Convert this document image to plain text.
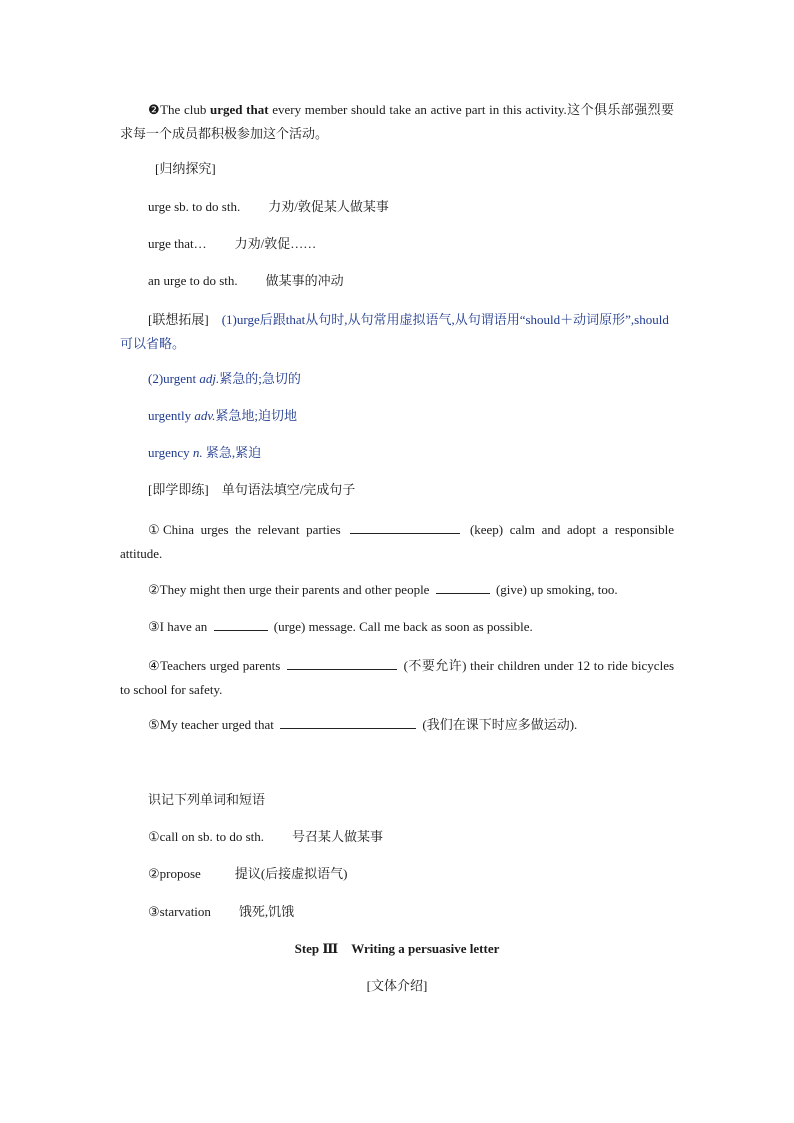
❷The club urged that every member should take an active part in this activity.这个俱乐部强烈要求每一个成员都积极参加这个活动。
[归纳探究]
urge sb. to do sth. 力劝/敦促某人做某事
urge that… 力劝/敦促……
an urge to do sth. 做某事的冲动
[联想拓展]　 (1)urge后跟that从句时,从句常用虚拟语气,从句谓语用“should＋动词原形”,should可以省略。
(2)urgent adj.紧急的;急切的
urgently adv.紧急地;迫切地
urgency n. 紧急,紧迫
[即学即练]　 单句语法填空/完成句子
①China urges the relevant parties	(keep) calm and adopt a responsible attitude.
②They might then urge their parents and other people	(give) up smoking, too.
③I have an	(urge) message. Call me back as soon as possible.
④Teachers urged parents	(不要允许) their children under 12 to ride bicycles to school for safety.
⑤My teacher urged that	(我们在课下时应多做运动).
识记下列单词和短语
①call on sb. to do sth. 号召某人做某事
②propose	提议(后接虚拟语气)
③starvation 饿死,饥饿
Step Ⅲ　Writing a persuasive letter
[文体介绍]
